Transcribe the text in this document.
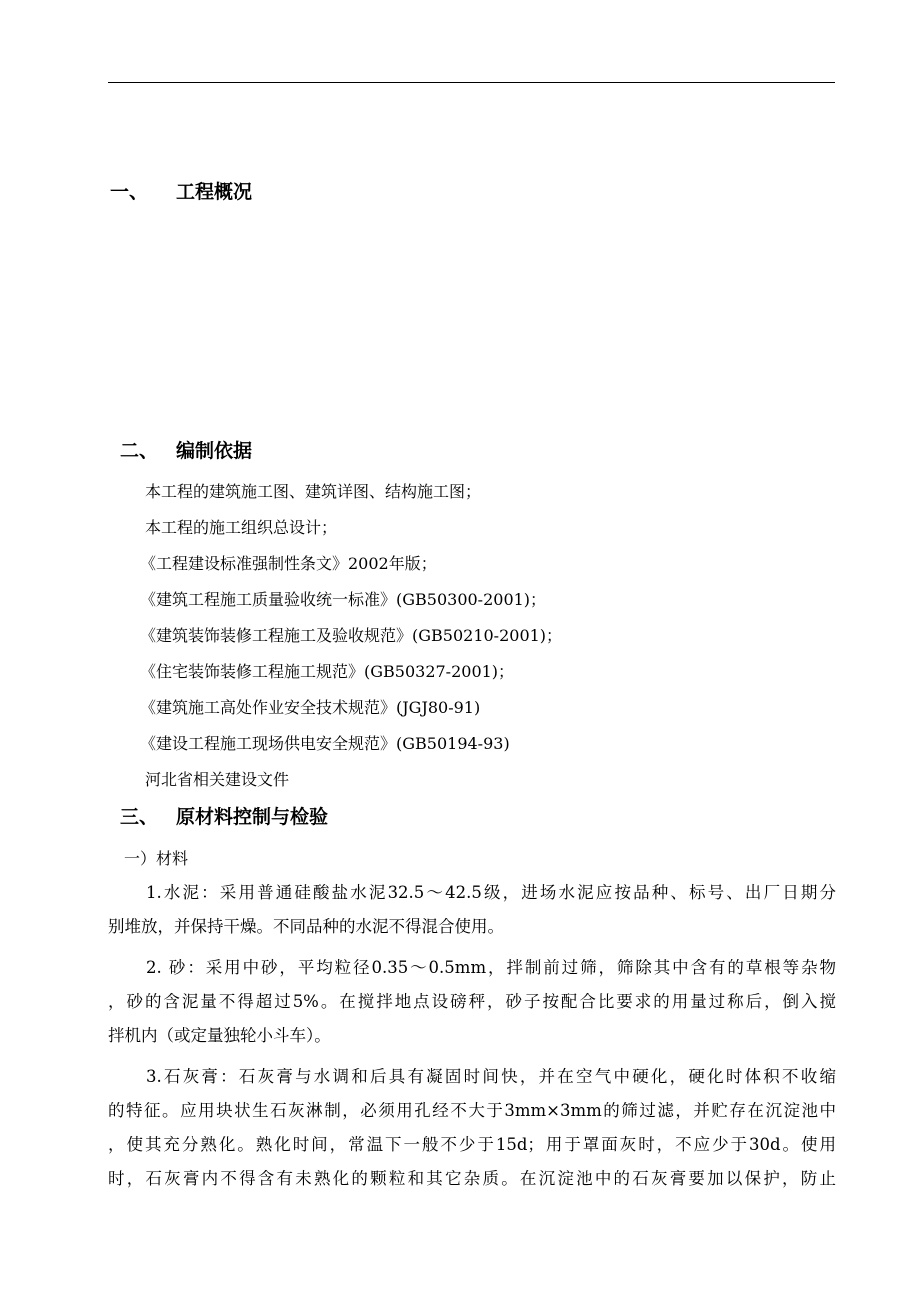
一、 工程概况
二、 编制依据
本工程的建筑施工图、建筑详图、结构施工图；
本工程的施工组织总设计；
《工程建设标准强制性条文》2002年版；
《建筑工程施工质量验收统一标准》(GB50300-2001)；
《建筑装饰装修工程施工及验收规范》(GB50210-2001)；
《住宅装饰装修工程施工规范》(GB50327-2001)；
《建筑施工高处作业安全技术规范》(JGJ80-91)
《建设工程施工现场供电安全规范》(GB50194-93)
河北省相关建设文件
三、 原材料控制与检验
一）材料
1.水泥：采用普通硅酸盐水泥32.5～42.5级，进场水泥应按品种、标号、出厂日期分
别堆放，并保持干燥。不同品种的水泥不得混合使用。
2. 砂：采用中砂，平均粒径0.35～0.5mm，拌制前过筛，筛除其中含有的草根等杂物
，砂的含泥量不得超过5%。在搅拌地点设磅秤，砂子按配合比要求的用量过称后，倒入搅
拌机内（或定量独轮小斗车）。
3.石灰膏：石灰膏与水调和后具有凝固时间快，并在空气中硬化，硬化时体积不收缩
的特征。应用块状生石灰淋制，必须用孔经不大于3mm×3mm的筛过滤，并贮存在沉淀池中
，使其充分熟化。熟化时间，常温下一般不少于15d；用于罩面灰时，不应少于30d。使用
时，石灰膏内不得含有未熟化的颗粒和其它杂质。在沉淀池中的石灰膏要加以保护，防止
